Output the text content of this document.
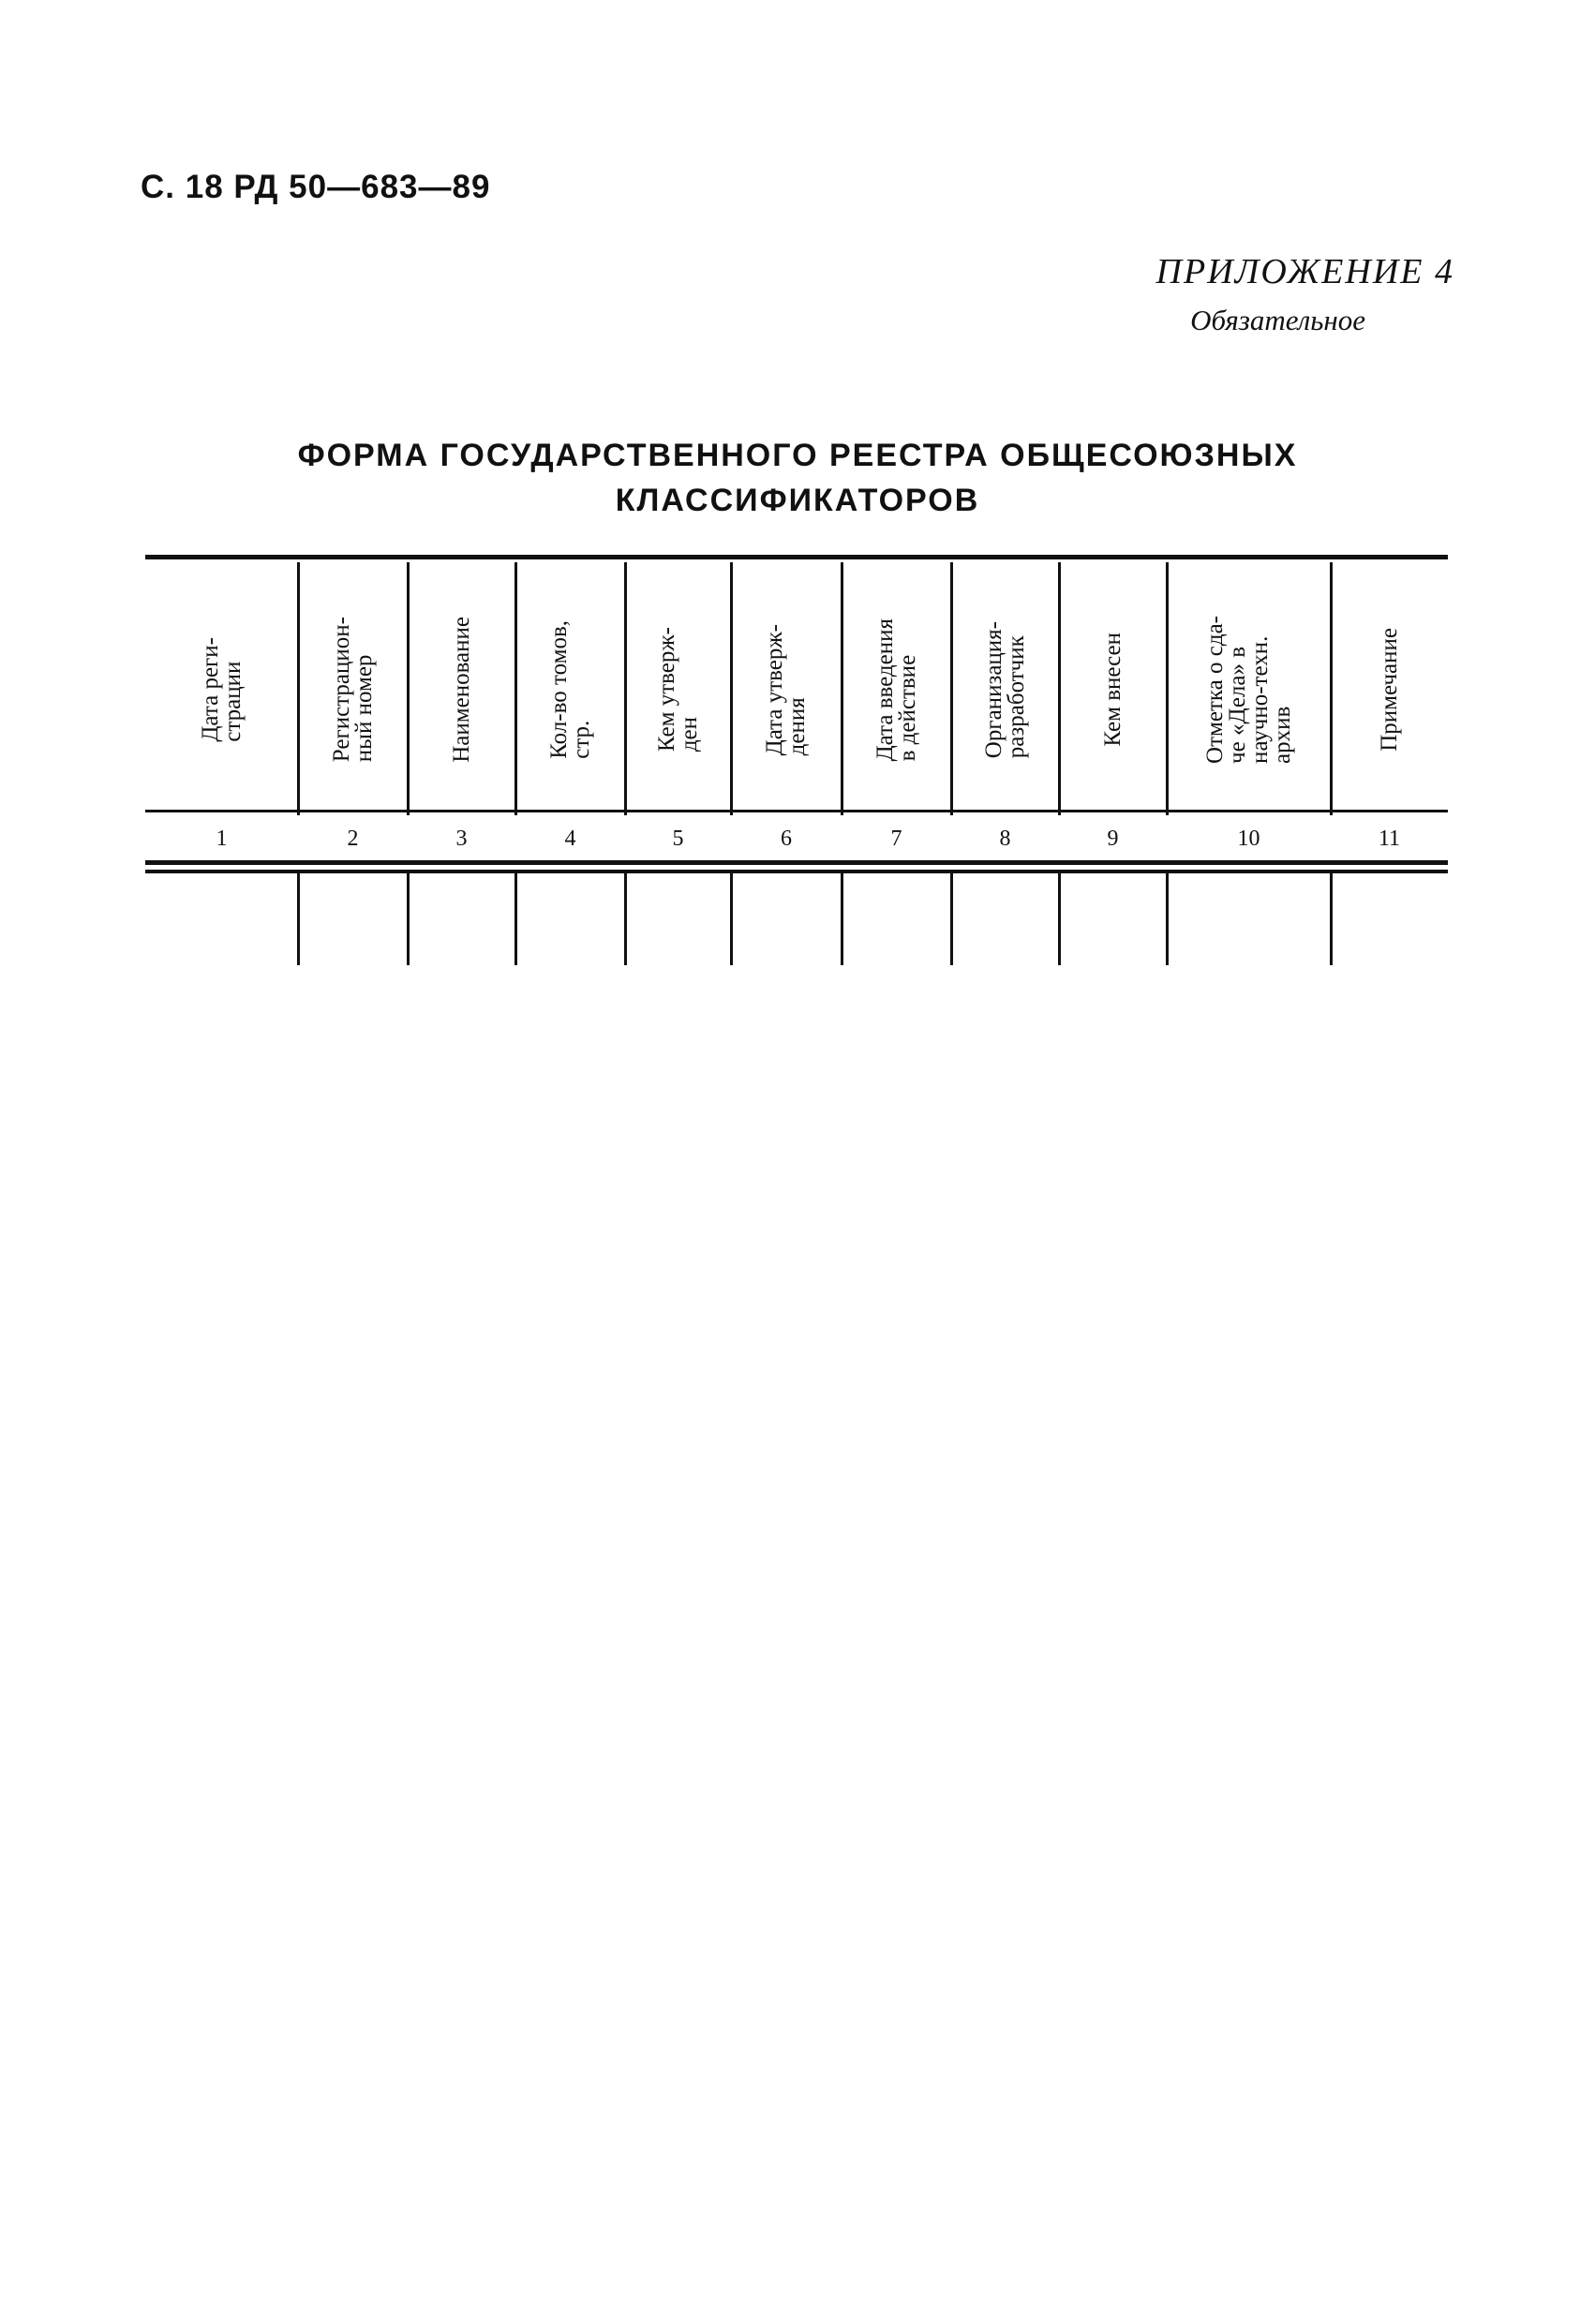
С. 18 РД 50—683—89
ПРИЛОЖЕНИЕ 4
Обязательное
ФОРМА ГОСУДАРСТВЕННОГО РЕЕСТРА ОБЩЕСОЮЗНЫХ
КЛАССИФИКАТОРОВ
Дата реги-
страции
1
Регистрацион-
ный номер
2
Наименование
3
Кол-во томов,
стр.
4
Кем утверж-
ден
5
Дата утверж-
дения
6
Дата введения
в действие
7
Организация-
разработчик
8
Кем внесен
9
Отметка о сда-
че «Дела» в
научно-техн.
архив
10
Примечание
11
